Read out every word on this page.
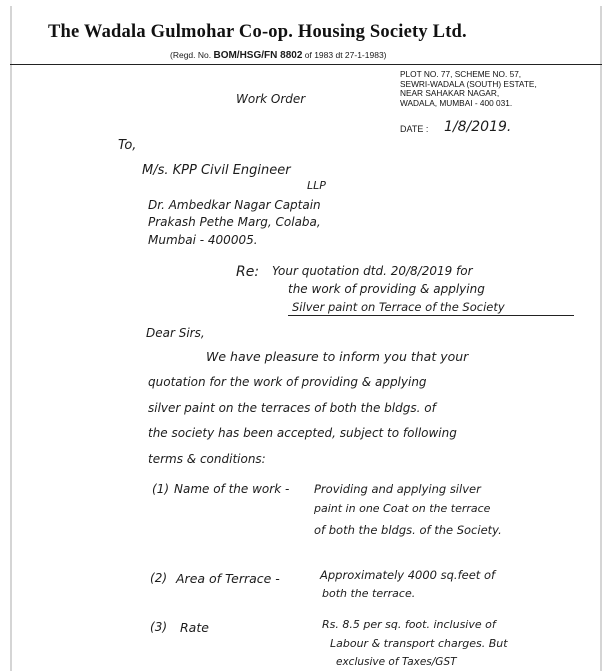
The Wadala Gulmohar Co-op. Housing Society Ltd.
(Regd. No. BOM/HSG/FN 8802 of 1983 dt 27-1-1983)
PLOT NO. 77, SCHEME NO. 57,
SEWRI-WADALA (SOUTH) ESTATE,
NEAR SAHAKAR NAGAR,
WADALA, MUMBAI - 400 031.
Work Order
DATE : 1/8/2019.
To,
M/s. KPP Civil Engineer
LLP
Dr. Ambedkar Nagar Captain
Prakash Pethe Marg, Colaba,
Mumbai - 400005.
Re: Your quotation dtd. 20/8/2019 for
the work of providing & applying
Silver paint on Terrace of the Society
Dear Sirs,
We have pleasure to inform you that your
quotation for the work of providing & applying
silver paint on the terraces of both the bldgs. of
the society has been accepted, subject to following
terms & conditions:
(1) Name of the work - Providing and applying silver
paint in one Coat on the terrace
of both the bldgs. of the Society.
(2) Area of Terrace -	Approximately 4000 sq.feet of
both the terrace.
(3) Rate	Rs. 8.5 per sq. foot. inclusive of
Labour & transport charges. But
exclusive of Taxes/GST
